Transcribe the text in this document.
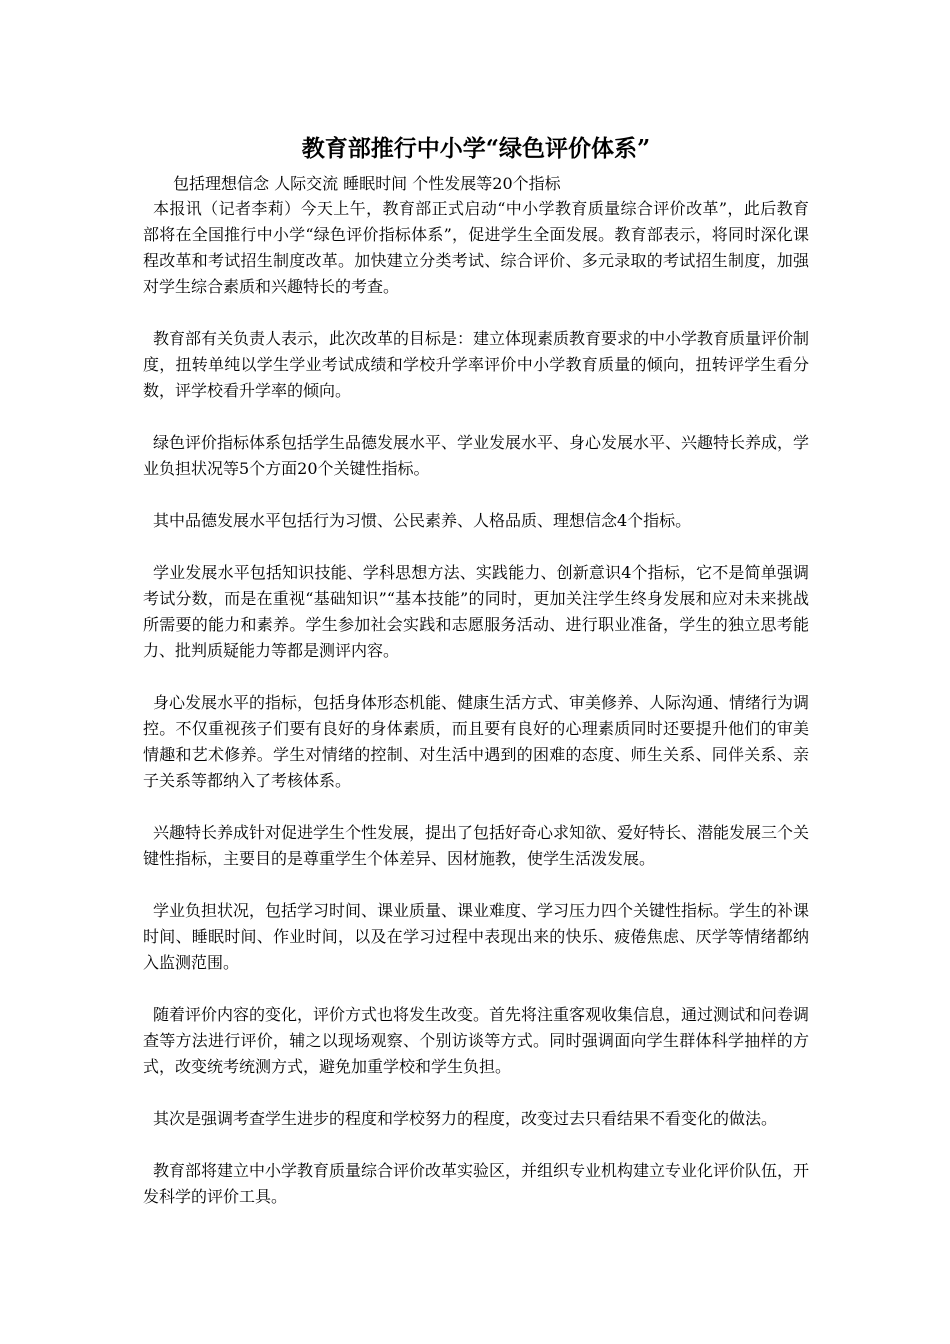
教育部推行中小学“绿色评价体系”

包括理想信念 人际交流 睡眠时间 个性发展等20个指标

本报讯（记者李莉）今天上午，教育部正式启动“中小学教育质量综合评价改革”，此后教育部将在全国推行中小学“绿色评价指标体系”，促进学生全面发展。教育部表示，将同时深化课程改革和考试招生制度改革。加快建立分类考试、综合评价、多元录取的考试招生制度，加强对学生综合素质和兴趣特长的考查。

教育部有关负责人表示，此次改革的目标是：建立体现素质教育要求的中小学教育质量评价制度，扭转单纯以学生学业考试成绩和学校升学率评价中小学教育质量的倾向，扭转评学生看分数，评学校看升学率的倾向。

绿色评价指标体系包括学生品德发展水平、学业发展水平、身心发展水平、兴趣特长养成，学业负担状况等5个方面20个关键性指标。

其中品德发展水平包括行为习惯、公民素养、人格品质、理想信念4个指标。

学业发展水平包括知识技能、学科思想方法、实践能力、创新意识4个指标，它不是简单强调考试分数，而是在重视“基础知识”“基本技能”的同时，更加关注学生终身发展和应对未来挑战所需要的能力和素养。学生参加社会实践和志愿服务活动、进行职业准备，学生的独立思考能力、批判质疑能力等都是测评内容。

身心发展水平的指标，包括身体形态机能、健康生活方式、审美修养、人际沟通、情绪行为调控。不仅重视孩子们要有良好的身体素质，而且要有良好的心理素质同时还要提升他们的审美情趣和艺术修养。学生对情绪的控制、对生活中遇到的困难的态度、师生关系、同伴关系、亲子关系等都纳入了考核体系。

兴趣特长养成针对促进学生个性发展，提出了包括好奇心求知欲、爱好特长、潜能发展三个关键性指标，主要目的是尊重学生个体差异、因材施教，使学生活泼发展。

学业负担状况，包括学习时间、课业质量、课业难度、学习压力四个关键性指标。学生的补课时间、睡眠时间、作业时间，以及在学习过程中表现出来的快乐、疲倦焦虑、厌学等情绪都纳入监测范围。

随着评价内容的变化，评价方式也将发生改变。首先将注重客观收集信息，通过测试和问卷调查等方法进行评价，辅之以现场观察、个别访谈等方式。同时强调面向学生群体科学抽样的方式，改变统考统测方式，避免加重学校和学生负担。

其次是强调考查学生进步的程度和学校努力的程度，改变过去只看结果不看变化的做法。

教育部将建立中小学教育质量综合评价改革实验区，并组织专业机构建立专业化评价队伍，开发科学的评价工具。
